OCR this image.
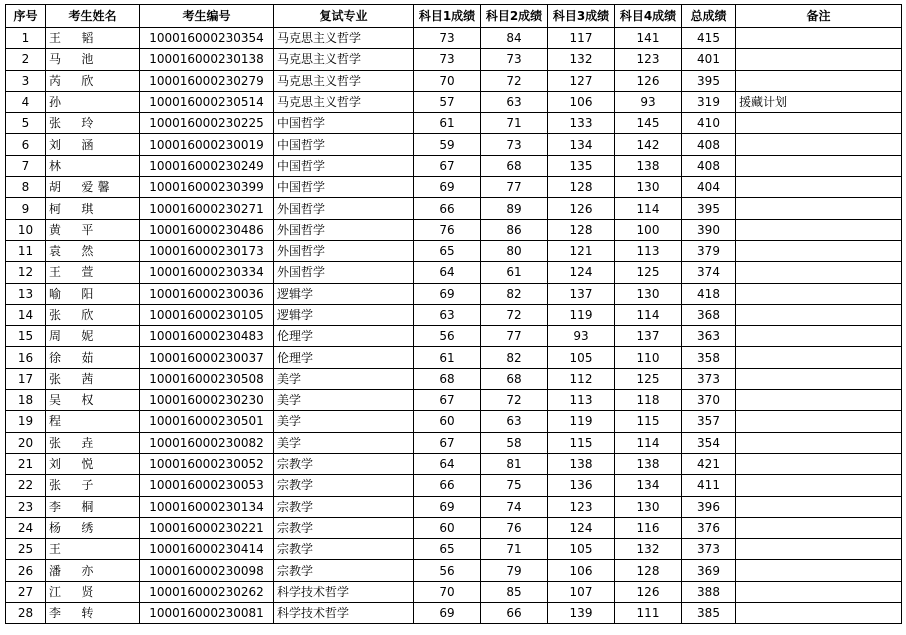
序号	考生姓名	考生编号	复试专业	科目1成绩	科目2成绩	科目3成绩	科目4成绩	总成绩	备注
1	王　韬	100016000230354	马克思主义哲学	73	84	117	141	415	
2	马　池	100016000230138	马克思主义哲学	73	73	132	123	401	
3	芮　欣	100016000230279	马克思主义哲学	70	72	127	126	395	
4	孙	100016000230514	马克思主义哲学	57	63	106	93	319	援藏计划
5	张　玲	100016000230225	中国哲学	61	71	133	145	410	
6	刘　涵	100016000230019	中国哲学	59	73	134	142	408	
7	林	100016000230249	中国哲学	67	68	135	138	408	
8	胡　爱馨	100016000230399	中国哲学	69	77	128	130	404	
9	柯　琪	100016000230271	外国哲学	66	89	126	114	395	
10	黄　平	100016000230486	外国哲学	76	86	128	100	390	
11	袁　然	100016000230173	外国哲学	65	80	121	113	379	
12	王　萱	100016000230334	外国哲学	64	61	124	125	374	
13	喻　阳	100016000230036	逻辑学	69	82	137	130	418	
14	张　欣	100016000230105	逻辑学	63	72	119	114	368	
15	周　妮	100016000230483	伦理学	56	77	93	137	363	
16	徐　茹	100016000230037	伦理学	61	82	105	110	358	
17	张　茜	100016000230508	美学	68	68	112	125	373	
18	吴　权	100016000230230	美学	67	72	113	118	370	
19	程	100016000230501	美学	60	63	119	115	357	
20	张　垚	100016000230082	美学	67	58	115	114	354	
21	刘　悦	100016000230052	宗教学	64	81	138	138	421	
22	张　子	100016000230053	宗教学	66	75	136	134	411	
23	李　桐	100016000230134	宗教学	69	74	123	130	396	
24	杨　绣	100016000230221	宗教学	60	76	124	116	376	
25	王	100016000230414	宗教学	65	71	105	132	373	
26	潘　亦	100016000230098	宗教学	56	79	106	128	369	
27	江　贤	100016000230262	科学技术哲学	70	85	107	126	388	
28	李　转	100016000230081	科学技术哲学	69	66	139	111	385	
